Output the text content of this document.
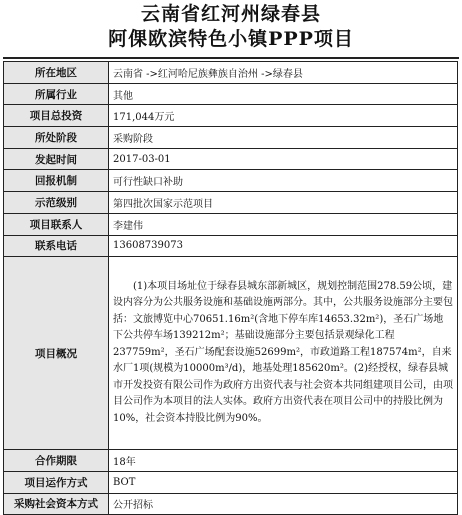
云南省红河州绿春县
阿倮欧滨特色小镇PPP项目
所在地区	云南省 ->红河哈尼族彝族自治州 ->绿春县
所属行业	其他
项目总投资	171,044万元
所处阶段	采购阶段
发起时间	2017-03-01
回报机制	可行性缺口补助
示范级别	第四批次国家示范项目
项目联系人	李建伟
联系电话	13608739073
项目概况	(1)本项目场址位于绿春县城东部新城区，规划控制范围278.59公顷，建设内容分为公共服务设施和基础设施两部分。其中，公共服务设施部分主要包括：文旅博览中心70651.16m²(含地下停车库14653.32m²)，圣石广场地下公共停车场139212m²；基础设施部分主要包括景观绿化工程237759m²，圣石广场配套设施52699m²，市政道路工程187574m²，自来水厂1项(规模为10000m³/d)，地基处理185620m²。(2)经授权，绿春县城市开发投资有限公司作为政府方出资代表与社会资本共同组建项目公司，由项目公司作为本项目的法人实体。政府方出资代表在项目公司中的持股比例为10%，社会资本持股比例为90%。
合作期限	18年
项目运作方式	BOT
采购社会资本方式	公开招标
